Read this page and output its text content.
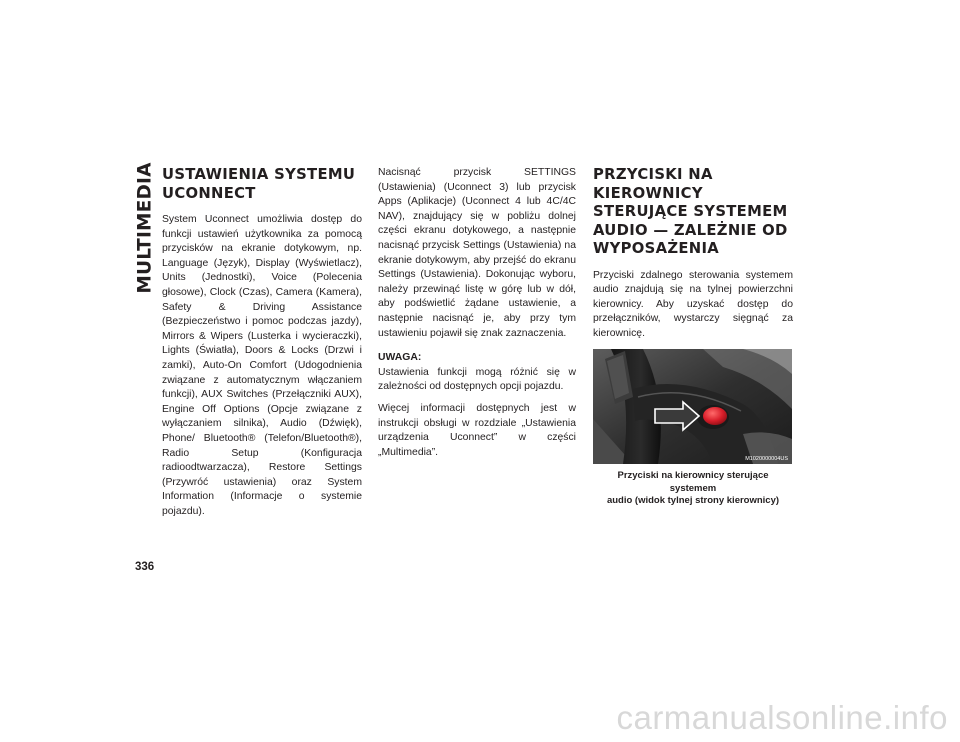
MULTIMEDIA USTAWIENIA SYSTEMU UCONNECT

System Uconnect umożliwia dostęp do funkcji ustawień użytkownika za pomocą przycisków na ekranie dotykowym, np. Language (Język), Display (Wyświetlacz), Units (Jednostki), Voice (Polecenia głosowe), Clock (Czas), Camera (Kamera), Safety & Driving Assistance (Bezpieczeństwo i pomoc podczas jazdy), Mirrors & Wipers (Lusterka i wycieraczki), Lights (Światła), Doors & Locks (Drzwi i zamki), Auto-On Comfort (Udogodnienia związane z automatycznym włączaniem funkcji), AUX Switches (Przełączniki AUX), Engine Off Options (Opcje związane z wyłączaniem silnika), Audio (Dźwięk), Phone/ Bluetooth® (Telefon/Bluetooth®), Radio Setup (Konfiguracja radioodtwarzacza), Restore Settings (Przywróć ustawienia) oraz System Information (Informacje o systemie pojazdu).

Nacisnąć przycisk SETTINGS (Ustawienia) (Uconnect 3) lub przycisk Apps (Aplikacje) (Uconnect 4 lub 4C/4C NAV), znajdujący się w pobliżu dolnej części ekranu dotykowego, a następnie nacisnąć przycisk Settings (Ustawienia) na ekranie dotykowym, aby przejść do ekranu Settings (Ustawienia). Dokonując wyboru, należy przewinąć listę w górę lub w dół, aby podświetlić żądane ustawienie, a następnie nacisnąć je, aby przy tym ustawieniu pojawił się znak zaznaczenia.

UWAGA:

Ustawienia funkcji mogą różnić się w zależności od dostępnych opcji pojazdu.

Więcej informacji dostępnych jest w instrukcji obsługi w rozdziale „Ustawienia urządzenia Uconnect” w części „Multimedia”.

PRZYCISKI NA KIEROWNICY STERUJĄCE SYSTEMEM AUDIO — ZALEŻNIE OD WYPOSAŻENIA

Przyciski zdalnego sterowania systemem audio znajdują się na tylnej powierzchni kierownicy. Aby uzyskać dostęp do przełączników, wystarczy sięgnąć za kierownicę.

M1020000004US
Przyciski na kierownicy sterujące systemem
audio (widok tylnej strony kierownicy)
336
carmanualsonline.info
